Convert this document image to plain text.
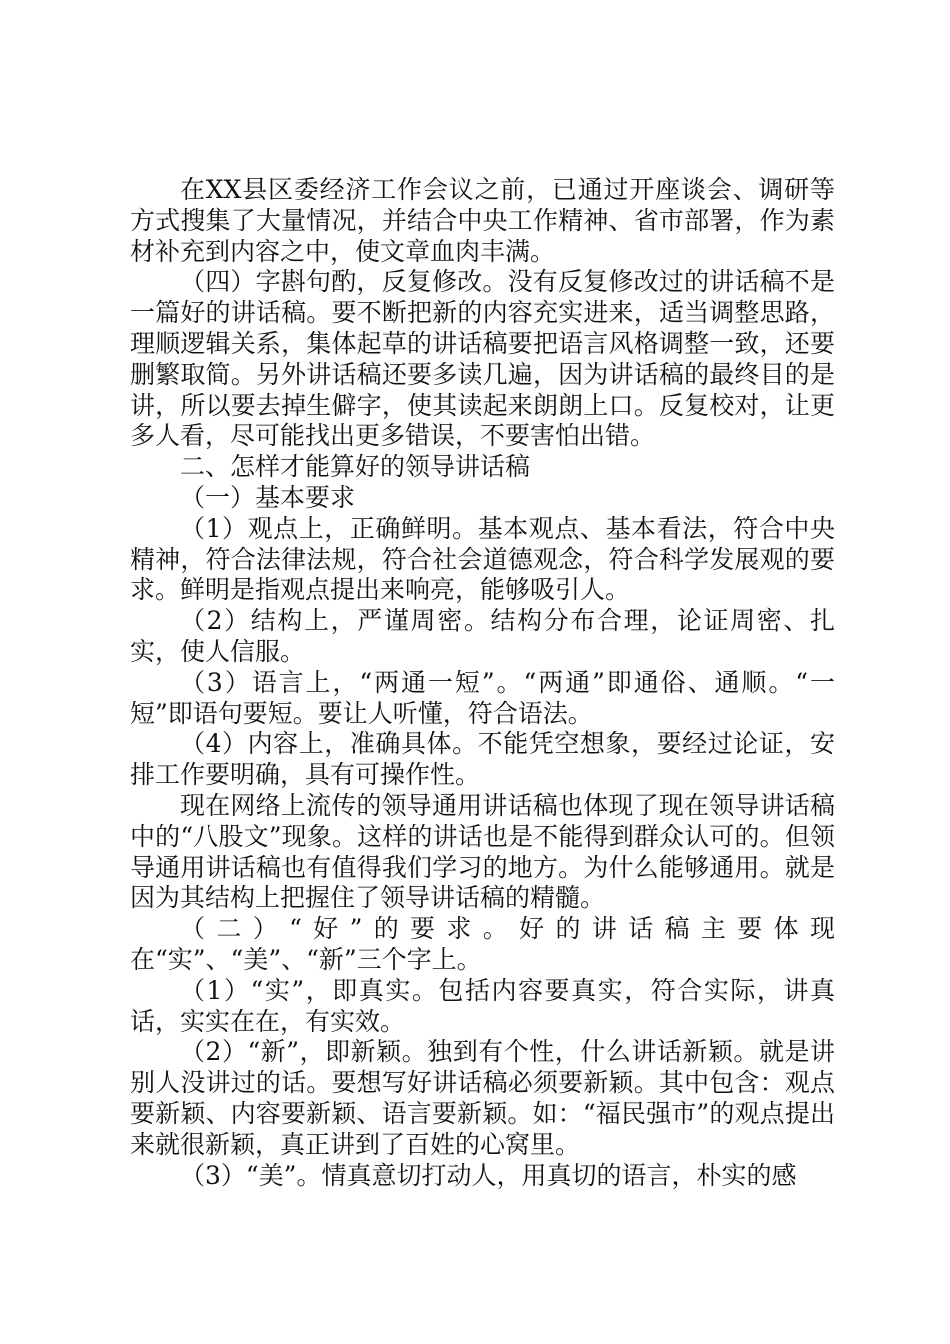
在XX县区委经济工作会议之前，已通过开座谈会、调研等方式搜集了大量情况，并结合中央工作精神、省市部署，作为素材补充到内容之中，使文章血肉丰满。

（四）字斟句酌，反复修改。没有反复修改过的讲话稿不是一篇好的讲话稿。要不断把新的内容充实进来，适当调整思路，理顺逻辑关系，集体起草的讲话稿要把语言风格调整一致，还要删繁取简。另外讲话稿还要多读几遍，因为讲话稿的最终目的是讲，所以要去掉生僻字，使其读起来朗朗上口。反复校对，让更多人看，尽可能找出更多错误，不要害怕出错。

二、怎样才能算好的领导讲话稿

（一）基本要求

（1）观点上，正确鲜明。基本观点、基本看法，符合中央精神，符合法律法规，符合社会道德观念，符合科学发展观的要求。鲜明是指观点提出来响亮，能够吸引人。

（2）结构上，严谨周密。结构分布合理，论证周密、扎实，使人信服。

（3）语言上，“两通一短”。“两通”即通俗、通顺。“一短”即语句要短。要让人听懂，符合语法。

（4）内容上，准确具体。不能凭空想象，要经过论证，安排工作要明确，具有可操作性。

现在网络上流传的领导通用讲话稿也体现了现在领导讲话稿中的“八股文”现象。这样的讲话也是不能得到群众认可的。但领导通用讲话稿也有值得我们学习的地方。为什么能够通用。就是因为其结构上把握住了领导讲话稿的精髓。

（二）“好”的要求。好的讲话稿主要体现在“实”、“美”、“新”三个字上。

（1）“实”，即真实。包括内容要真实，符合实际，讲真话，实实在在，有实效。

（2）“新”，即新颖。独到有个性，什么讲话新颖。就是讲别人没讲过的话。要想写好讲话稿必须要新颖。其中包含：观点要新颖、内容要新颖、语言要新颖。如：“福民强市”的观点提出来就很新颖，真正讲到了百姓的心窝里。

（3）“美”。情真意切打动人，用真切的语言，朴实的感
